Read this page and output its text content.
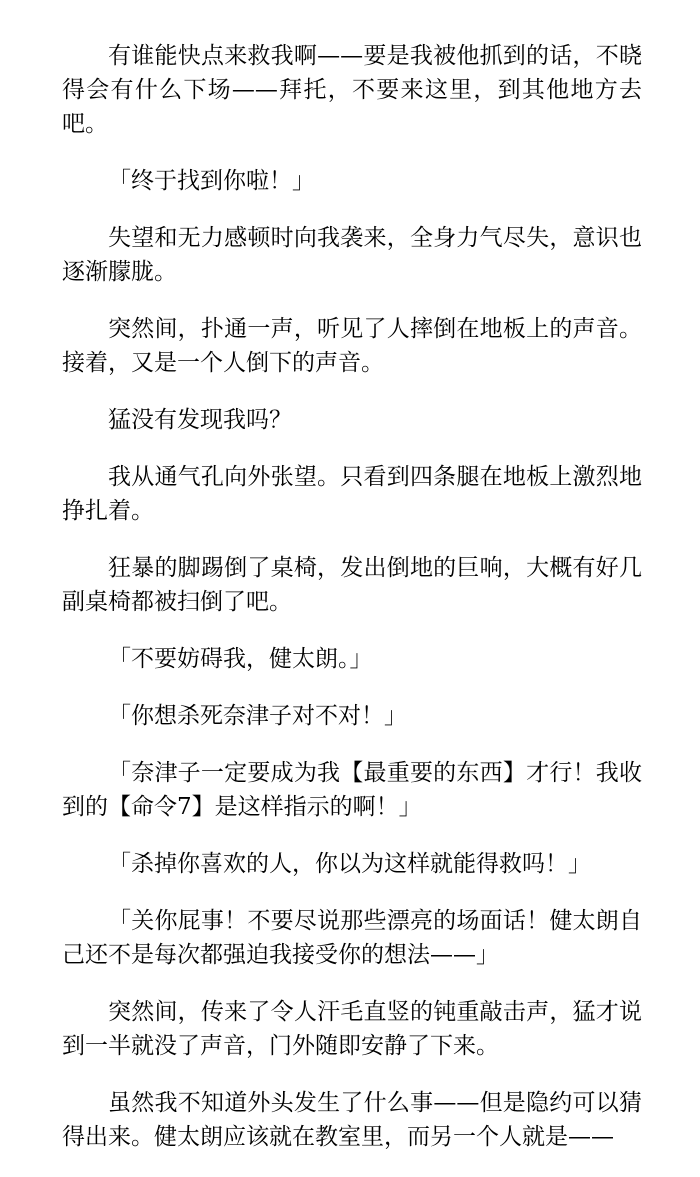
有谁能快点来救我啊——要是我被他抓到的话，不晓得会有什么下场——拜托，不要来这里，到其他地方去吧。

「终于找到你啦！」

失望和无力感顿时向我袭来，全身力气尽失，意识也逐渐朦胧。

突然间，扑通一声，听见了人摔倒在地板上的声音。接着，又是一个人倒下的声音。

猛没有发现我吗？

我从通气孔向外张望。只看到四条腿在地板上激烈地挣扎着。

狂暴的脚踢倒了桌椅，发出倒地的巨响，大概有好几副桌椅都被扫倒了吧。

「不要妨碍我，健太朗。」

「你想杀死奈津子对不对！」

「奈津子一定要成为我【最重要的东西】才行！我收到的【命令7】是这样指示的啊！」

「杀掉你喜欢的人，你以为这样就能得救吗！」

「关你屁事！不要尽说那些漂亮的场面话！健太朗自己还不是每次都强迫我接受你的想法——」

突然间，传来了令人汗毛直竖的钝重敲击声，猛才说到一半就没了声音，门外随即安静了下来。

虽然我不知道外头发生了什么事——但是隐约可以猜得出来。健太朗应该就在教室里，而另一个人就是——
